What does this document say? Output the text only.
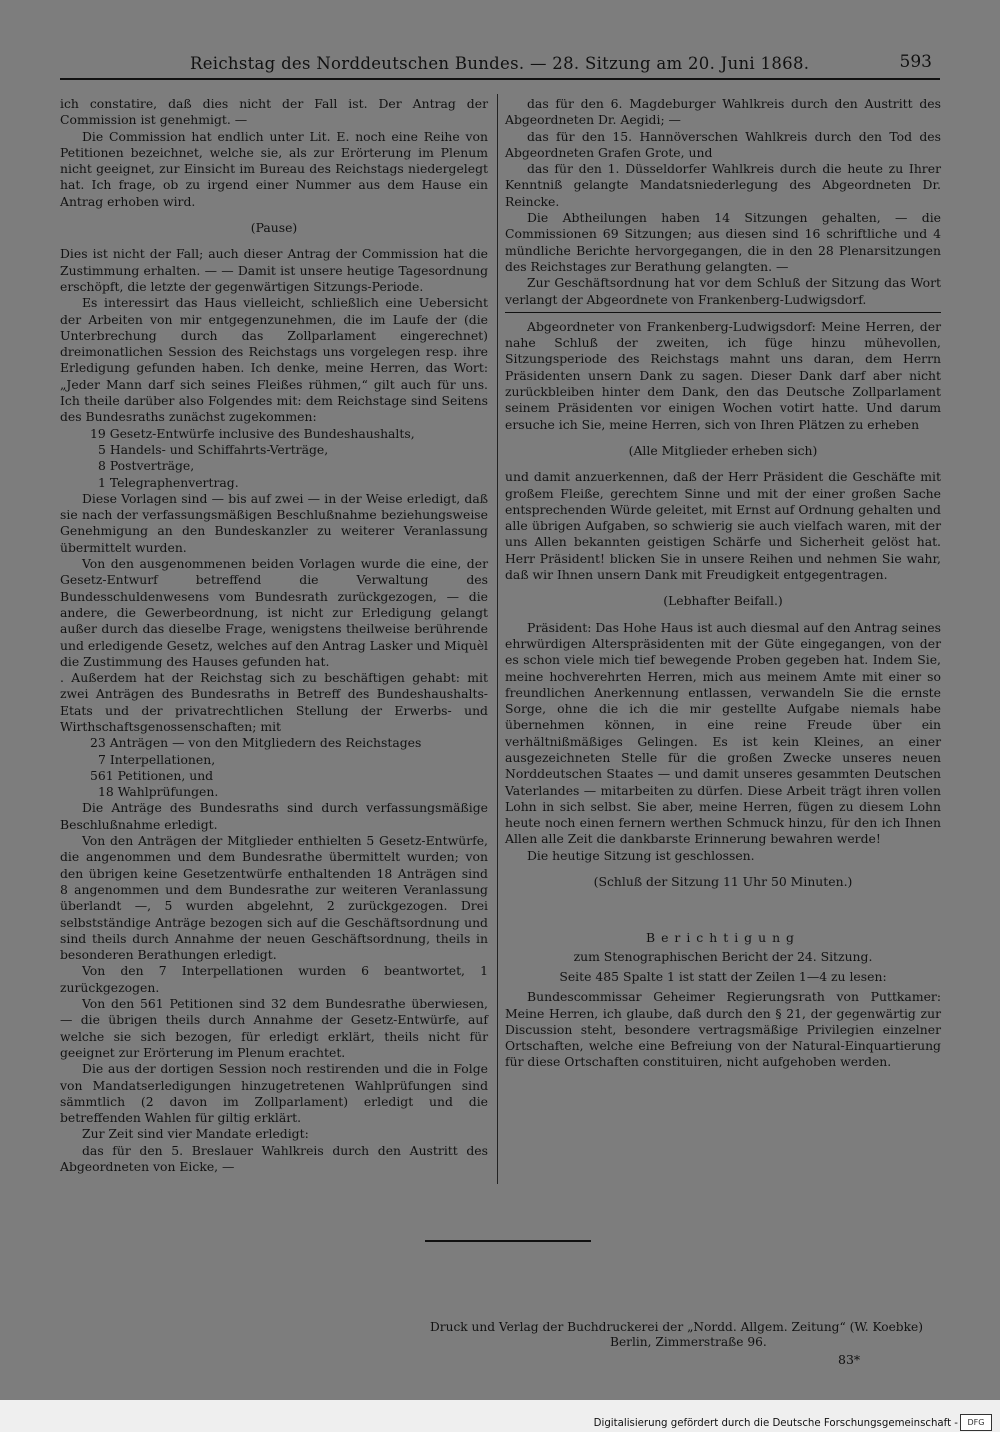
Reichstag des Norddeutschen Bundes. — 28. Sitzung am 20. Juni 1868.	593

ich constatire, daß dies nicht der Fall ist. Der Antrag der Commission ist genehmigt. —

Die Commission hat endlich unter Lit. E. noch eine Reihe von Petitionen bezeichnet, welche sie, als zur Erörterung im Plenum nicht geeignet, zur Einsicht im Bureau des Reichstags niedergelegt hat. Ich frage, ob zu irgend einer Nummer aus dem Hause ein Antrag erhoben wird.

(Pause)

Dies ist nicht der Fall; auch dieser Antrag der Commission hat die Zustimmung erhalten. — — Damit ist unsere heutige Tagesordnung erschöpft, die letzte der gegenwärtigen Sitzungs-Periode.

Es interessirt das Haus vielleicht, schließlich eine Uebersicht der Arbeiten von mir entgegenzunehmen, die im Laufe der (die Unterbrechung durch das Zollparlament eingerechnet) dreimonatlichen Session des Reichstags uns vorgelegen resp. ihre Erledigung gefunden haben. Ich denke, meine Herren, das Wort: „Jeder Mann darf sich seines Fleißes rühmen,“ gilt auch für uns. Ich theile darüber also Folgendes mit: dem Reichstage sind Seitens des Bundesraths zunächst zugekommen:

19 Gesetz-Entwürfe inclusive des Bundeshaushalts,

5 Handels- und Schiffahrts-Verträge,

8 Postverträge,

1 Telegraphenvertrag.

Diese Vorlagen sind — bis auf zwei — in der Weise erledigt, daß sie nach der verfassungsmäßigen Beschlußnahme beziehungsweise Genehmigung an den Bundeskanzler zu weiterer Veranlassung übermittelt wurden.

Von den ausgenommenen beiden Vorlagen wurde die eine, der Gesetz-Entwurf betreffend die Verwaltung des Bundesschuldenwesens vom Bundesrath zurückgezogen, — die andere, die Gewerbeordnung, ist nicht zur Erledigung gelangt außer durch das dieselbe Frage, wenigstens theilweise berührende und erledigende Gesetz, welches auf den Antrag Lasker und Miquèl die Zustimmung des Hauses gefunden hat.

. Außerdem hat der Reichstag sich zu beschäftigen gehabt: mit zwei Anträgen des Bundesraths in Betreff des Bundeshaushalts-Etats und der privatrechtlichen Stellung der Erwerbs- und Wirthschaftsgenossenschaften; mit

23 Anträgen — von den Mitgliedern des Reichstages

7 Interpellationen,

561 Petitionen, und

18 Wahlprüfungen.

Die Anträge des Bundesraths sind durch verfassungsmäßige Beschlußnahme erledigt.

Von den Anträgen der Mitglieder enthielten 5 Gesetz-Entwürfe, die angenommen und dem Bundesrathe übermittelt wurden; von den übrigen keine Gesetzentwürfe enthaltenden 18 Anträgen sind 8 angenommen und dem Bundesrathe zur weiteren Veranlassung überlandt —, 5 wurden abgelehnt, 2 zurückgezogen. Drei selbstständige Anträge bezogen sich auf die Geschäftsordnung und sind theils durch Annahme der neuen Geschäftsordnung, theils in besonderen Berathungen erledigt.

Von den 7 Interpellationen wurden 6 beantwortet, 1 zurückgezogen.

Von den 561 Petitionen sind 32 dem Bundesrathe überwiesen, — die übrigen theils durch Annahme der Gesetz-Entwürfe, auf welche sie sich bezogen, für erledigt erklärt, theils nicht für geeignet zur Erörterung im Plenum erachtet.

Die aus der dortigen Session noch restirenden und die in Folge von Mandatserledigungen hinzugetretenen Wahlprüfungen sind sämmtlich (2 davon im Zollparlament) erledigt und die betreffenden Wahlen für giltig erklärt.

Zur Zeit sind vier Mandate erledigt:

das für den 5. Breslauer Wahlkreis durch den Austritt des Abgeordneten von Eicke, —

das für den 6. Magdeburger Wahlkreis durch den Austritt des Abgeordneten Dr. Aegidi; —

das für den 15. Hannöverschen Wahlkreis durch den Tod des Abgeordneten Grafen Grote, und

das für den 1. Düsseldorfer Wahlkreis durch die heute zu Ihrer Kenntniß gelangte Mandatsniederlegung des Abgeordneten Dr. Reincke.

Die Abtheilungen haben 14 Sitzungen gehalten, — die Commissionen 69 Sitzungen; aus diesen sind 16 schriftliche und 4 mündliche Berichte hervorgegangen, die in den 28 Plenarsitzungen des Reichstages zur Berathung gelangten. —

Zur Geschäftsordnung hat vor dem Schluß der Sitzung das Wort verlangt der Abgeordnete von Frankenberg-Ludwigsdorf.

Abgeordneter von Frankenberg-Ludwigsdorf: Meine Herren, der nahe Schluß der zweiten, ich füge hinzu mühevollen, Sitzungsperiode des Reichstags mahnt uns daran, dem Herrn Präsidenten unsern Dank zu sagen. Dieser Dank darf aber nicht zurückbleiben hinter dem Dank, den das Deutsche Zollparlament seinem Präsidenten vor einigen Wochen votirt hatte. Und darum ersuche ich Sie, meine Herren, sich von Ihren Plätzen zu erheben

(Alle Mitglieder erheben sich)

und damit anzuerkennen, daß der Herr Präsident die Geschäfte mit großem Fleiße, gerechtem Sinne und mit der einer großen Sache entsprechenden Würde geleitet, mit Ernst auf Ordnung gehalten und alle übrigen Aufgaben, so schwierig sie auch vielfach waren, mit der uns Allen bekannten geistigen Schärfe und Sicherheit gelöst hat. Herr Präsident! blicken Sie in unsere Reihen und nehmen Sie wahr, daß wir Ihnen unsern Dank mit Freudigkeit entgegentragen.

(Lebhafter Beifall.)

Präsident: Das Hohe Haus ist auch diesmal auf den Antrag seines ehrwürdigen Alterspräsidenten mit der Güte eingegangen, von der es schon viele mich tief bewegende Proben gegeben hat. Indem Sie, meine hochverehrten Herren, mich aus meinem Amte mit einer so freundlichen Anerkennung entlassen, verwandeln Sie die ernste Sorge, ohne die ich die mir gestellte Aufgabe niemals habe übernehmen können, in eine reine Freude über ein verhältnißmäßiges Gelingen. Es ist kein Kleines, an einer ausgezeichneten Stelle für die großen Zwecke unseres neuen Norddeutschen Staates — und damit unseres gesammten Deutschen Vaterlandes — mitarbeiten zu dürfen. Diese Arbeit trägt ihren vollen Lohn in sich selbst. Sie aber, meine Herren, fügen zu diesem Lohn heute noch einen fernern werthen Schmuck hinzu, für den ich Ihnen Allen alle Zeit die dankbarste Erinnerung bewahren werde!

Die heutige Sitzung ist geschlossen.

(Schluß der Sitzung 11 Uhr 50 Minuten.)

Berichtigung

zum Stenographischen Bericht der 24. Sitzung.

Seite 485 Spalte 1 ist statt der Zeilen 1—4 zu lesen:

Bundescommissar Geheimer Regierungsrath von Puttkamer: Meine Herren, ich glaube, daß durch den § 21, der gegenwärtig zur Discussion steht, besondere vertragsmäßige Privilegien einzelner Ortschaften, welche eine Befreiung von der Natural-Einquartierung für diese Ortschaften constituiren, nicht aufgehoben werden.

Druck und Verlag der Buchdruckerei der „Nordd. Allgem. Zeitung“ (W. Koebke)
Berlin, Zimmerstraße 96.
83*
Digitalisierung gefördert durch die Deutsche Forschungsgemeinschaft -	DFG
